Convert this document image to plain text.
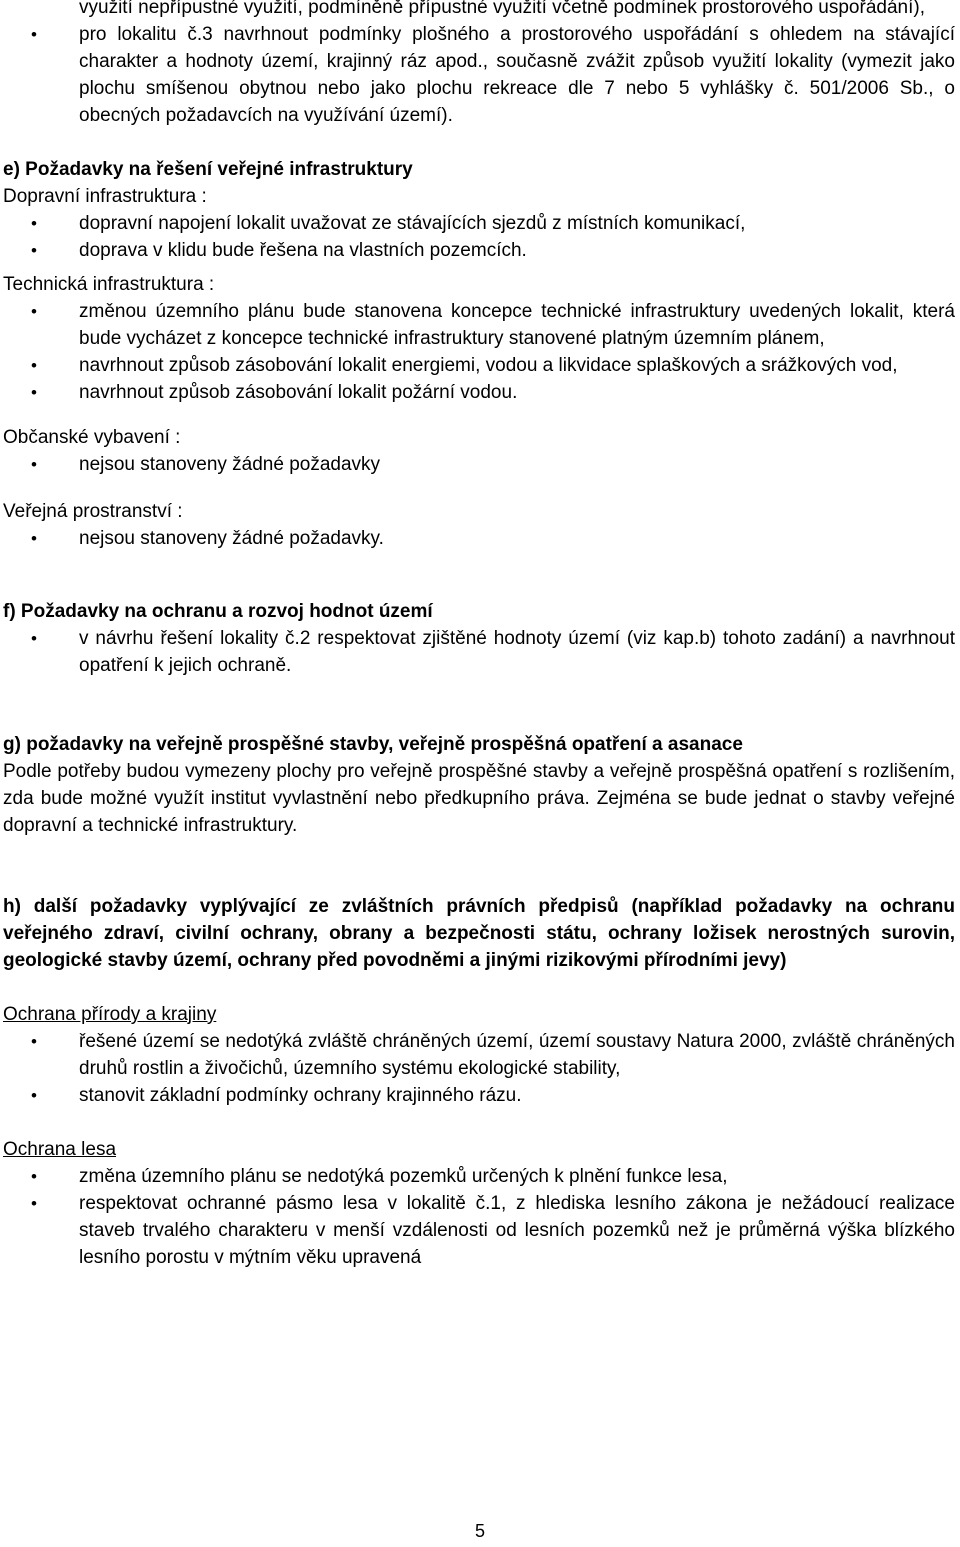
využití nepřípustné využití, podmíněně přípustné využití včetně podmínek prostorového uspořádání),
• pro lokalitu č.3 navrhnout podmínky plošného a prostorového uspořádání s ohledem na stávající charakter a hodnoty území, krajinný ráz apod., současně zvážit způsob využití lokality (vymezit jako plochu smíšenou obytnou nebo jako plochu rekreace dle 7 nebo 5 vyhlášky č. 501/2006 Sb., o obecných požadavcích na využívání území).

e) Požadavky na řešení veřejné infrastruktury

Dopravní infrastruktura :

• dopravní napojení lokalit uvažovat ze stávajících sjezdů z místních komunikací,
• doprava v klidu bude řešena na vlastních pozemcích.

Technická infrastruktura :

• změnou územního plánu bude stanovena koncepce technické infrastruktury uvedených lokalit, která bude vycházet z koncepce technické infrastruktury stanovené platným územním plánem,
• navrhnout způsob zásobování lokalit energiemi, vodou a likvidace splaškových a srážkových vod,
• navrhnout způsob zásobování lokalit požární vodou.

Občanské vybavení :

• nejsou stanoveny žádné požadavky

Veřejná prostranství :

• nejsou stanoveny žádné požadavky.

f) Požadavky na ochranu a rozvoj hodnot území

• v návrhu řešení lokality č.2 respektovat zjištěné hodnoty území (viz kap.b) tohoto zadání) a navrhnout opatření k jejich ochraně.

g) požadavky na veřejně prospěšné stavby, veřejně prospěšná opatření a asanace

Podle potřeby budou vymezeny plochy pro veřejně prospěšné stavby a veřejně prospěšná opatření s rozlišením, zda bude možné využít institut vyvlastnění nebo předkupního práva. Zejména se bude jednat o stavby veřejné dopravní a technické infrastruktury.

h) další požadavky vyplývající ze zvláštních právních předpisů (například požadavky na ochranu veřejného zdraví, civilní ochrany, obrany a bezpečnosti státu, ochrany ložisek nerostných surovin, geologické stavby území, ochrany před povodněmi a jinými rizikovými přírodními jevy)

Ochrana přírody a krajiny

• řešené území se nedotýká zvláště chráněných území, území soustavy Natura 2000, zvláště chráněných druhů rostlin a živočichů, územního systému ekologické stability,
• stanovit základní podmínky ochrany krajinného rázu.

Ochrana lesa

• změna územního plánu se nedotýká pozemků určených k plnění funkce lesa,
• respektovat ochranné pásmo lesa v lokalitě č.1, z hlediska lesního zákona je nežádoucí realizace staveb trvalého charakteru v menší vzdálenosti od lesních pozemků než je průměrná výška blízkého lesního porostu v mýtním věku upravená
5
